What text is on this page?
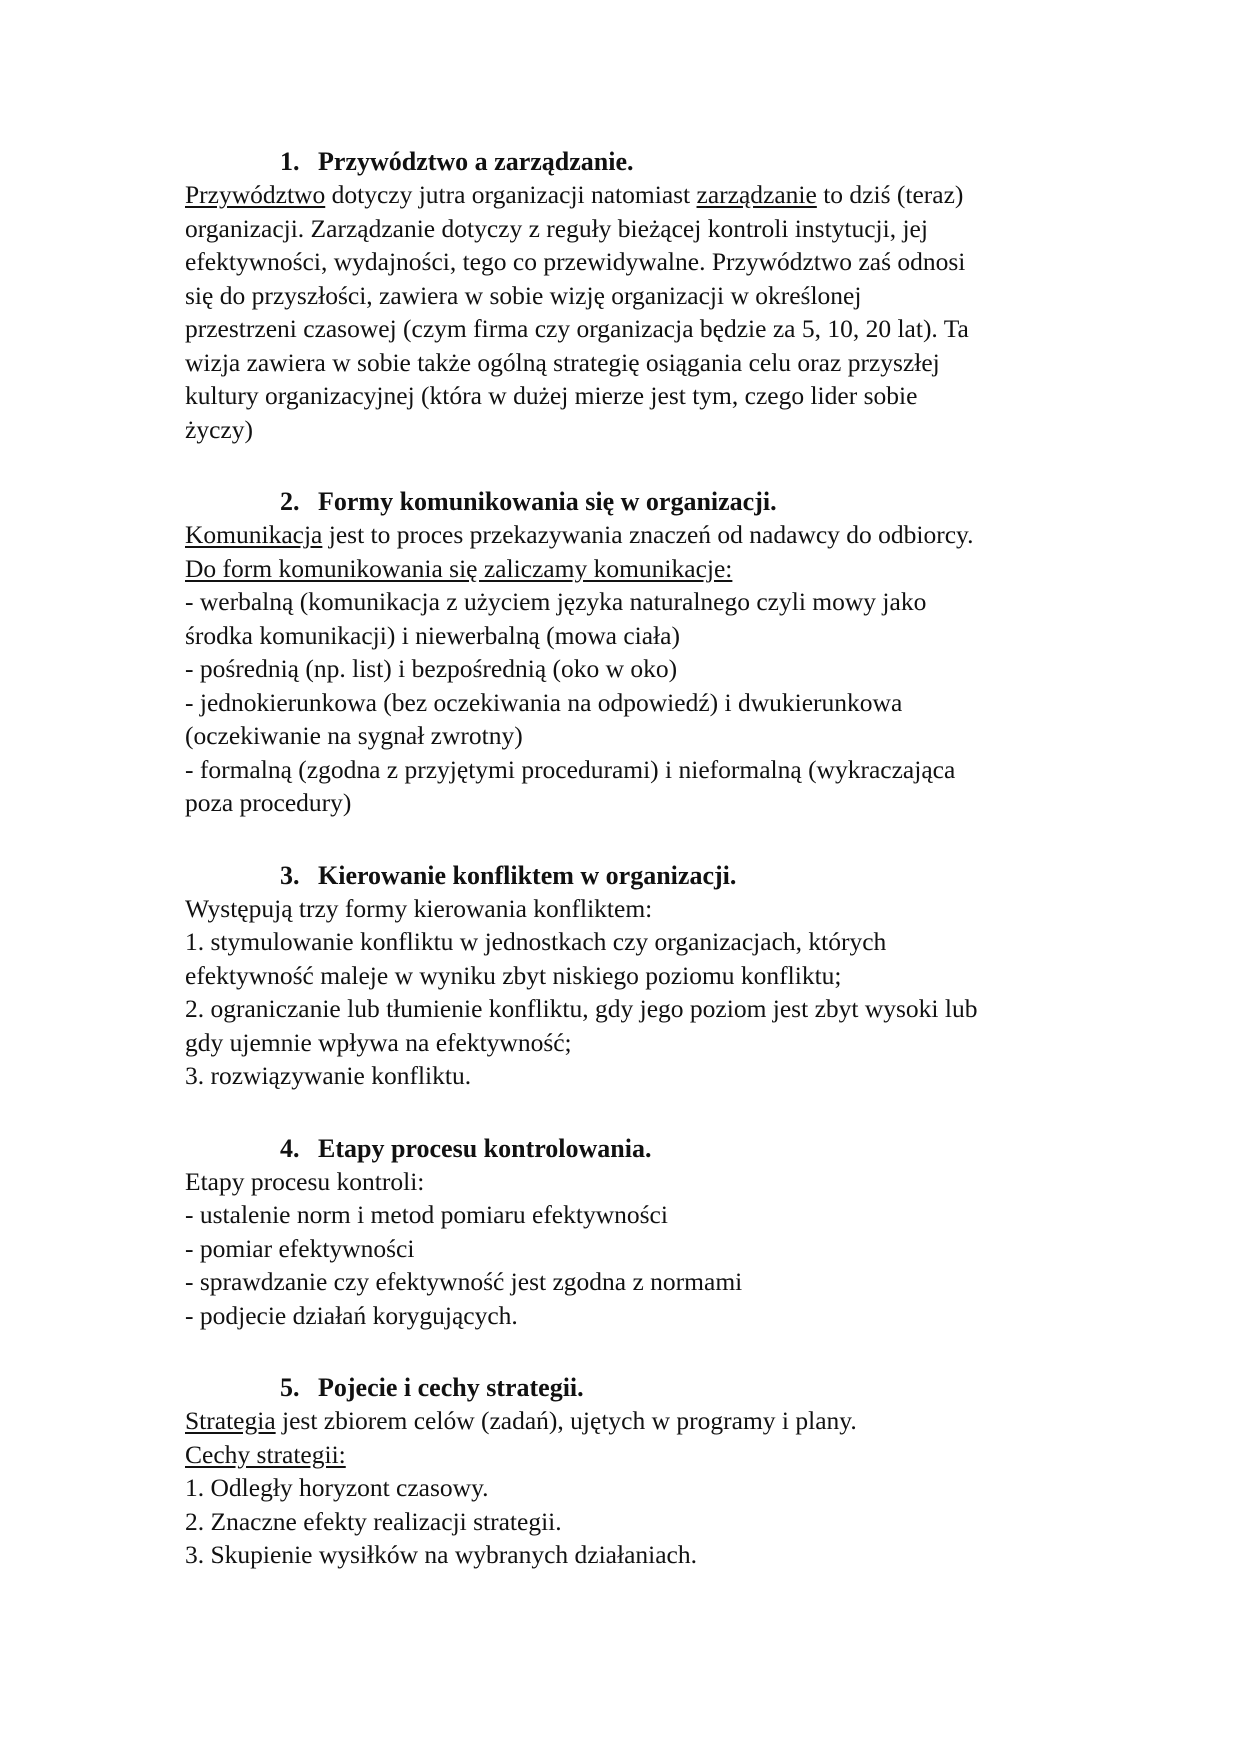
1. Przywództwo a zarządzanie.
Przywództwo dotyczy jutra organizacji natomiast zarządzanie to dziś (teraz)
organizacji. Zarządzanie dotyczy z reguły bieżącej kontroli instytucji, jej
efektywności, wydajności, tego co przewidywalne. Przywództwo zaś odnosi
się do przyszłości, zawiera w sobie wizję organizacji w określonej
przestrzeni czasowej (czym firma czy organizacja będzie za 5, 10, 20 lat). Ta
wizja zawiera w sobie także ogólną strategię osiągania celu oraz przyszłej
kultury organizacyjnej (która w dużej mierze jest tym, czego lider sobie
życzy)
2. Formy komunikowania się w organizacji.
Komunikacja jest to proces przekazywania znaczeń od nadawcy do odbiorcy.
Do form komunikowania się zaliczamy komunikacje:
- werbalną (komunikacja z użyciem języka naturalnego czyli mowy jako
środka komunikacji) i niewerbalną (mowa ciała)
- pośrednią (np. list) i bezpośrednią (oko w oko)
- jednokierunkowa (bez oczekiwania na odpowiedź) i dwukierunkowa
(oczekiwanie na sygnał zwrotny)
- formalną (zgodna z przyjętymi procedurami) i nieformalną (wykraczająca
poza procedury)
3. Kierowanie konfliktem w organizacji.
Występują trzy formy kierowania konfliktem:
1. stymulowanie konfliktu w jednostkach czy organizacjach, których
efektywność maleje w wyniku zbyt niskiego poziomu konfliktu;
2. ograniczanie lub tłumienie konfliktu, gdy jego poziom jest zbyt wysoki lub
gdy ujemnie wpływa na efektywność;
3. rozwiązywanie konfliktu.
4. Etapy procesu kontrolowania.
Etapy procesu kontroli:
- ustalenie norm i metod pomiaru efektywności
- pomiar efektywności
- sprawdzanie czy efektywność jest zgodna z normami
- podjecie działań korygujących.
5. Pojecie i cechy strategii.
Strategia jest zbiorem celów (zadań), ujętych w programy i plany.
Cechy strategii:
1. Odległy horyzont czasowy.
2. Znaczne efekty realizacji strategii.
3. Skupienie wysiłków na wybranych działaniach.
